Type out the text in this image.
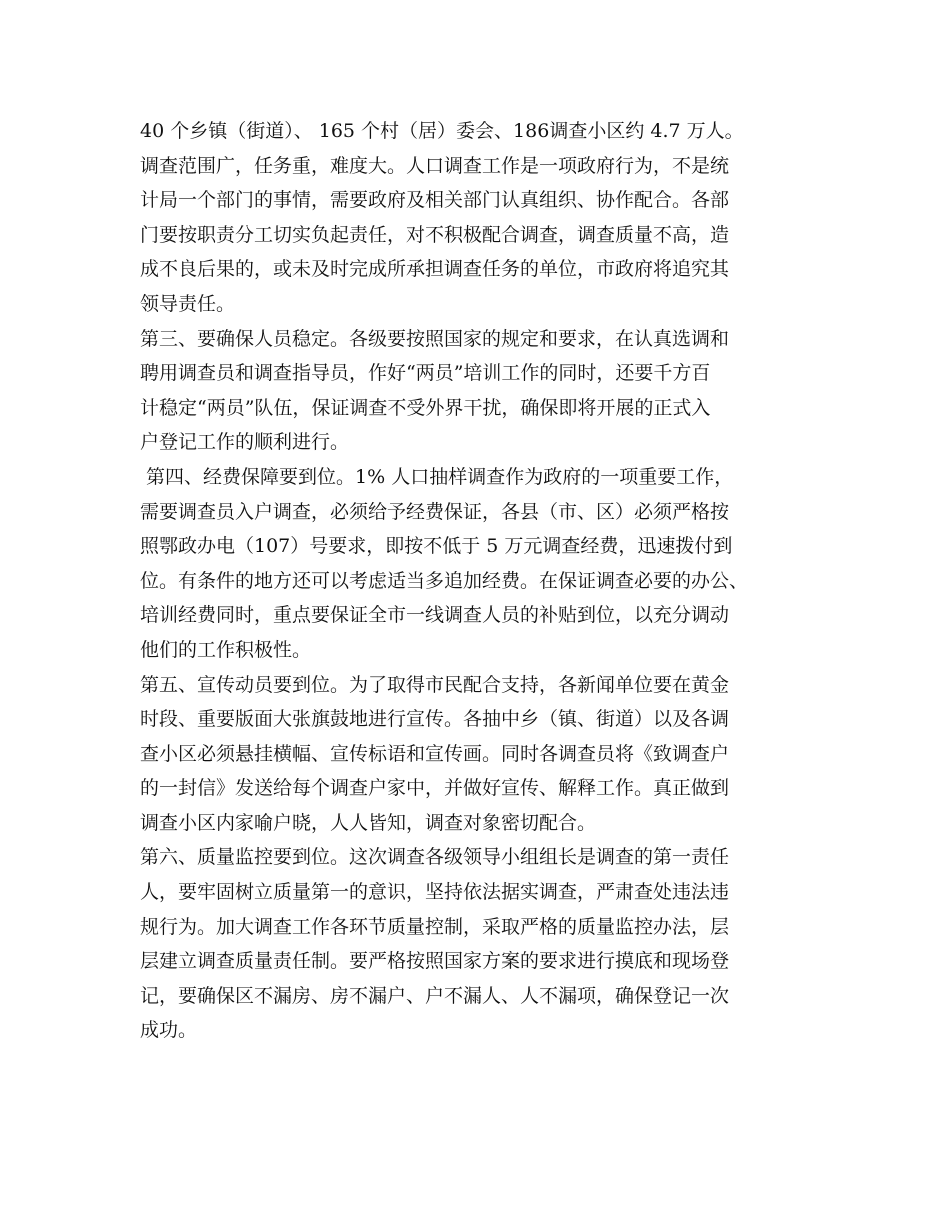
40 个乡镇（街道）、 165 个村（居）委会、186调查小区约 4.7 万人。
调查范围广，任务重，难度大。人口调查工作是一项政府行为，不是统
计局一个部门的事情，需要政府及相关部门认真组织、协作配合。各部
门要按职责分工切实负起责任，对不积极配合调查，调查质量不高，造
成不良后果的，或未及时完成所承担调查任务的单位，市政府将追究其
领导责任。
第三、要确保人员稳定。各级要按照国家的规定和要求，在认真选调和
聘用调查员和调查指导员，作好“两员”培训工作的同时，还要千方百
计稳定“两员”队伍，保证调查不受外界干扰，确保即将开展的正式入
户登记工作的顺利进行。
第四、经费保障要到位。1% 人口抽样调查作为政府的一项重要工作，
需要调查员入户调查，必须给予经费保证，各县（市、区）必须严格按
照鄂政办电（107）号要求，即按不低于 5 万元调查经费，迅速拨付到
位。有条件的地方还可以考虑适当多追加经费。在保证调查必要的办公、
培训经费同时，重点要保证全市一线调查人员的补贴到位，以充分调动
他们的工作积极性。
第五、宣传动员要到位。为了取得市民配合支持，各新闻单位要在黄金
时段、重要版面大张旗鼓地进行宣传。各抽中乡（镇、街道）以及各调
查小区必须悬挂横幅、宣传标语和宣传画。同时各调查员将《致调查户
的一封信》发送给每个调查户家中，并做好宣传、解释工作。真正做到
调查小区内家喻户晓，人人皆知，调查对象密切配合。
第六、质量监控要到位。这次调查各级领导小组组长是调查的第一责任
人，要牢固树立质量第一的意识，坚持依法据实调查，严肃查处违法违
规行为。加大调查工作各环节质量控制，采取严格的质量监控办法，层
层建立调查质量责任制。要严格按照国家方案的要求进行摸底和现场登
记，要确保区不漏房、房不漏户、户不漏人、人不漏项，确保登记一次
成功。
